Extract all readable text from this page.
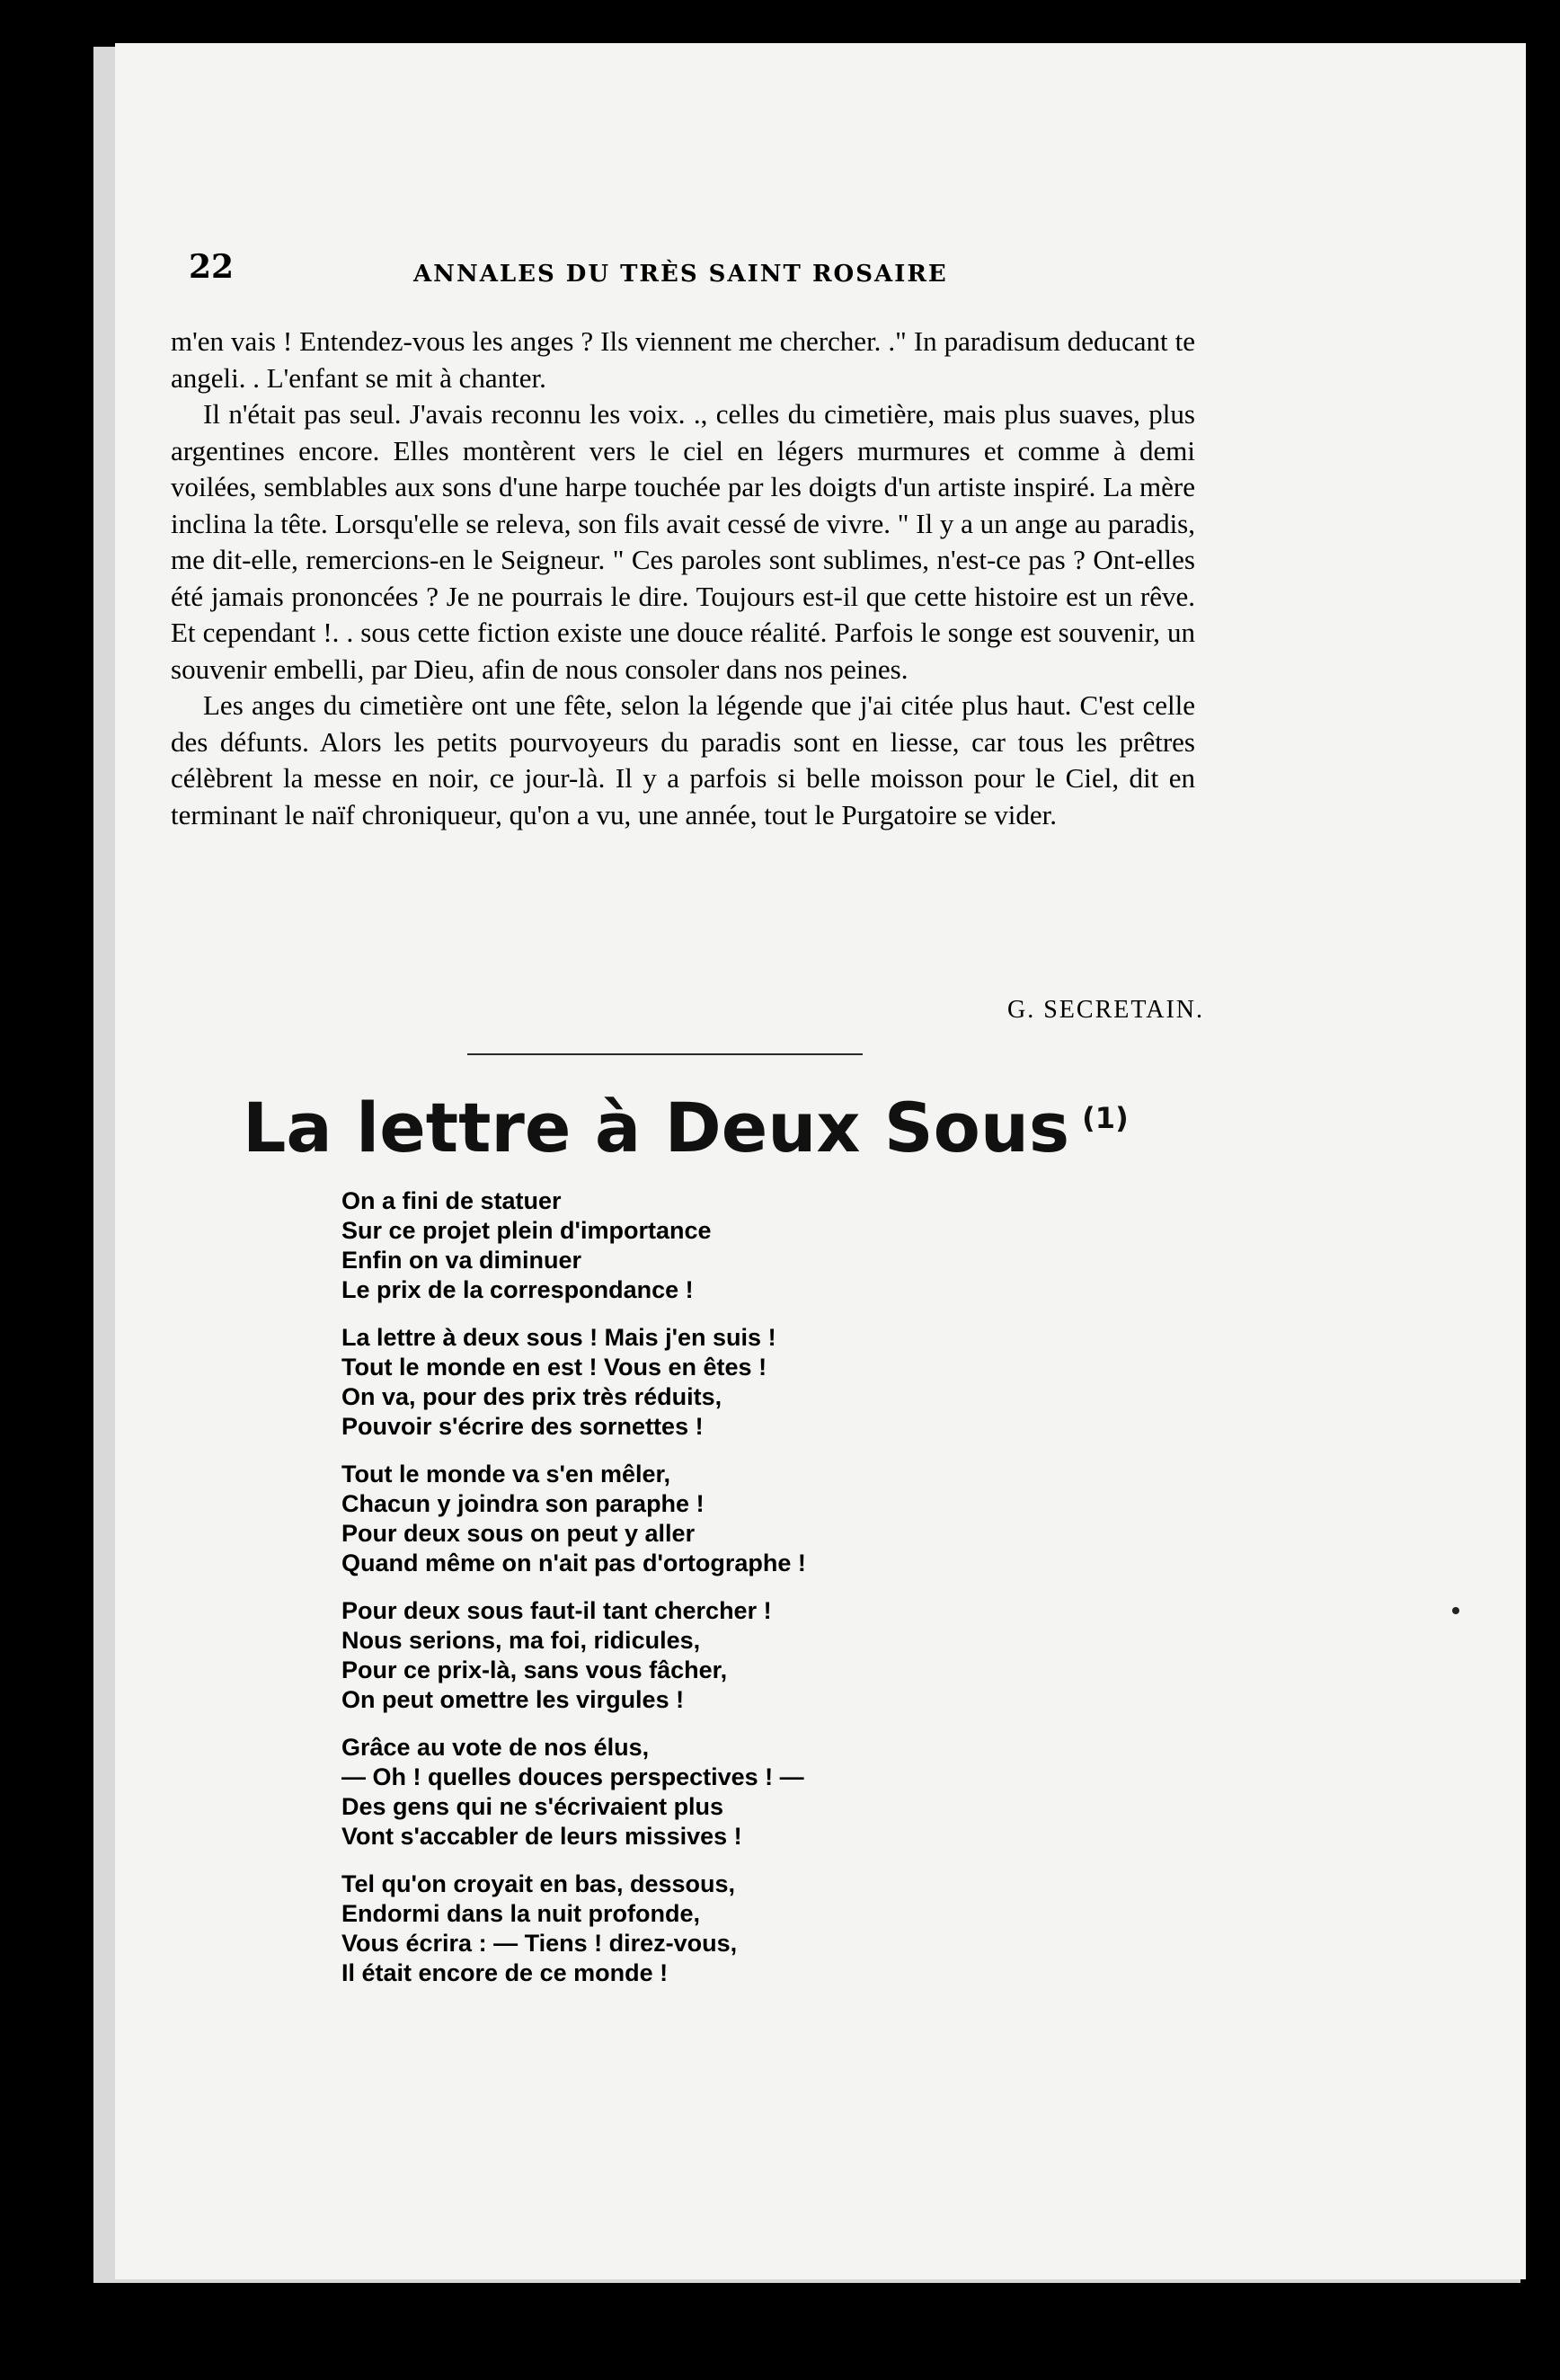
22	ANNALES DU TRÈS SAINT ROSAIRE

m'en vais ! Entendez-vous les anges ? Ils viennent me chercher. ." In paradisum deducant te angeli. . L'enfant se mit à chanter.

Il n'était pas seul. J'avais reconnu les voix. ., celles du cimetière, mais plus suaves, plus argentines encore. Elles montèrent vers le ciel en légers murmures et comme à demi voilées, semblables aux sons d'une harpe touchée par les doigts d'un artiste inspiré. La mère inclina la tête. Lorsqu'elle se releva, son fils avait cessé de vivre. " Il y a un ange au paradis, me dit-elle, remercions-en le Seigneur. " Ces paroles sont sublimes, n'est-ce pas ? Ont-elles été jamais prononcées ? Je ne pourrais le dire. Toujours est-il que cette histoire est un rêve. Et cependant !. . sous cette fiction existe une douce réalité. Parfois le songe est souvenir, un souvenir embelli, par Dieu, afin de nous consoler dans nos peines.

Les anges du cimetière ont une fête, selon la légende que j'ai citée plus haut. C'est celle des défunts. Alors les petits pourvoyeurs du paradis sont en liesse, car tous les prêtres célèbrent la messe en noir, ce jour-là. Il y a parfois si belle moisson pour le Ciel, dit en terminant le naïf chroniqueur, qu'on a vu, une année, tout le Purgatoire se vider.

G. SECRETAIN.
La lettre à Deux Sous $^{(1)}$
On a fini de statuer
Sur ce projet plein d'importance
Enfin on va diminuer
Le prix de la correspondance !
La lettre à deux sous ! Mais j'en suis !
Tout le monde en est ! Vous en êtes !
On va, pour des prix très réduits,
Pouvoir s'écrire des sornettes !
Tout le monde va s'en mêler,
Chacun y joindra son paraphe !
Pour deux sous on peut y aller
Quand même on n'ait pas d'ortographe !
Pour deux sous faut-il tant chercher !
Nous serions, ma foi, ridicules,
Pour ce prix-là, sans vous fâcher,
On peut omettre les virgules !
Grâce au vote de nos élus,
— Oh ! quelles douces perspectives ! —
Des gens qui ne s'écrivaient plus
Vont s'accabler de leurs missives !
Tel qu'on croyait en bas, dessous,
Endormi dans la nuit profonde,
Vous écrira : — Tiens ! direz-vous,
Il était encore de ce monde !
